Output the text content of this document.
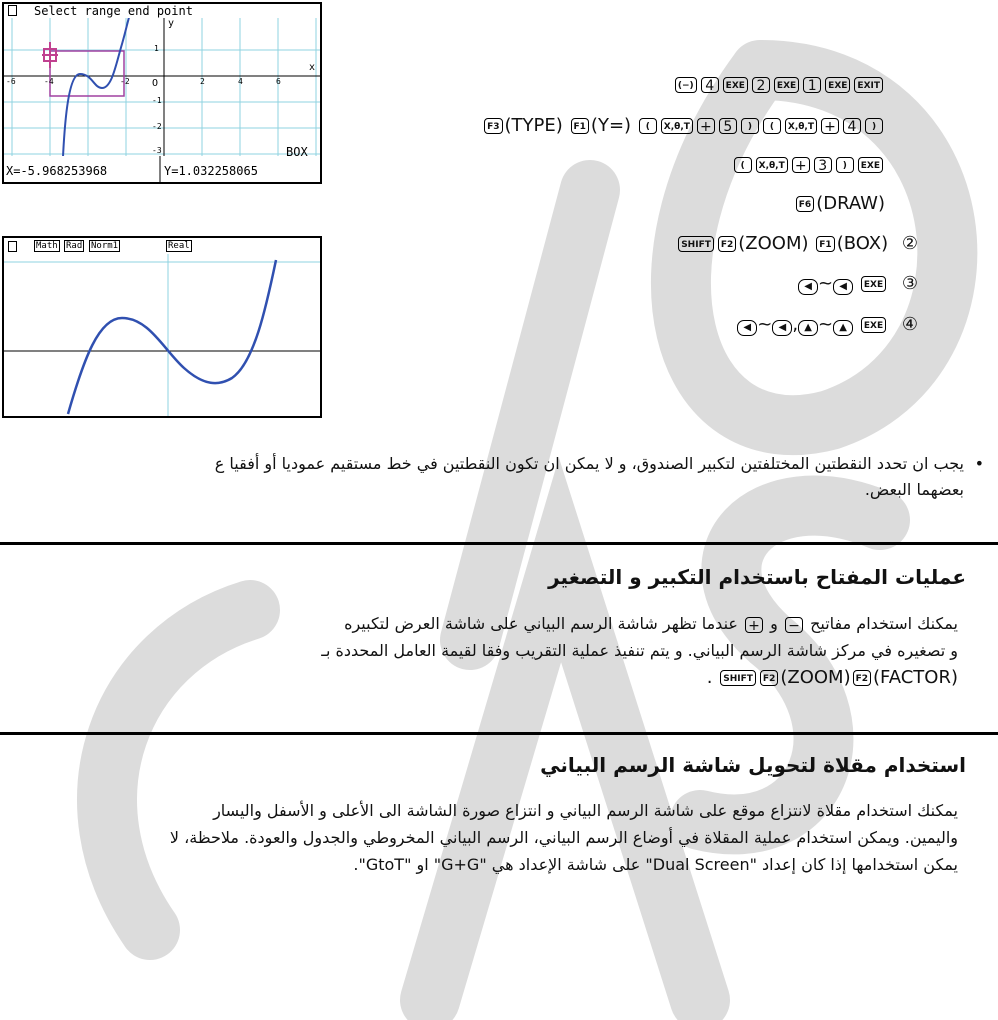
Select range end point
y
x
O
-6	-4	-2	2	4	6
1
-1
-2
-3	BOX
X=-5.968253968	Y=1.032258065
Math Rad Norm1	Real
(−) 4 EXE 2 EXE 1 EXE EXIT
F3 (TYPE) F1 (Y=) ( X,θ,T + 5 ) ( X,θ,T + 4 )
( X,θ,T + 3 ) EXE
F6 (DRAW)
SHIFT F2 (ZOOM) F1 (BOX) ②
◀ ~ ◀ EXE ③
◀ ~ ◀ , ▲ ~ ▲ EXE ④
•
يجب ان تحدد النقطتين المختلفتين لتكبير الصندوق، و لا يمكن ان تكون النقطتين في خط مستقيم عموديا أو أفقيا ع
بعضهما البعض.
عمليات المفتاح باستخدام التكبير و التصغير
يمكنك استخدام مفاتيح − و + عندما تظهر شاشة الرسم البياني على شاشة العرض لتكبيره
و تصغيره في مركز شاشة الرسم البياني. و يتم تنفيذ عملية التقريب وفقا لقيمة العامل المحددة بـ
. SHIFT F2 (ZOOM) F2 (FACTOR)
استخدام مقلاة لتحويل شاشة الرسم البياني
يمكنك استخدام مقلاة لانتزاع موقع على شاشة الرسم البياني و انتزاع صورة الشاشة الى الأعلى و الأسفل واليسار
واليمين. ويمكن استخدام عملية المقلاة في أوضاع الرسم البياني، الرسم البياني المخروطي والجدول والعودة. ملاحظة، لا
يمكن استخدامها إذا كان إعداد "Dual Screen" على شاشة الإعداد هي "G+G" او "GtoT".
